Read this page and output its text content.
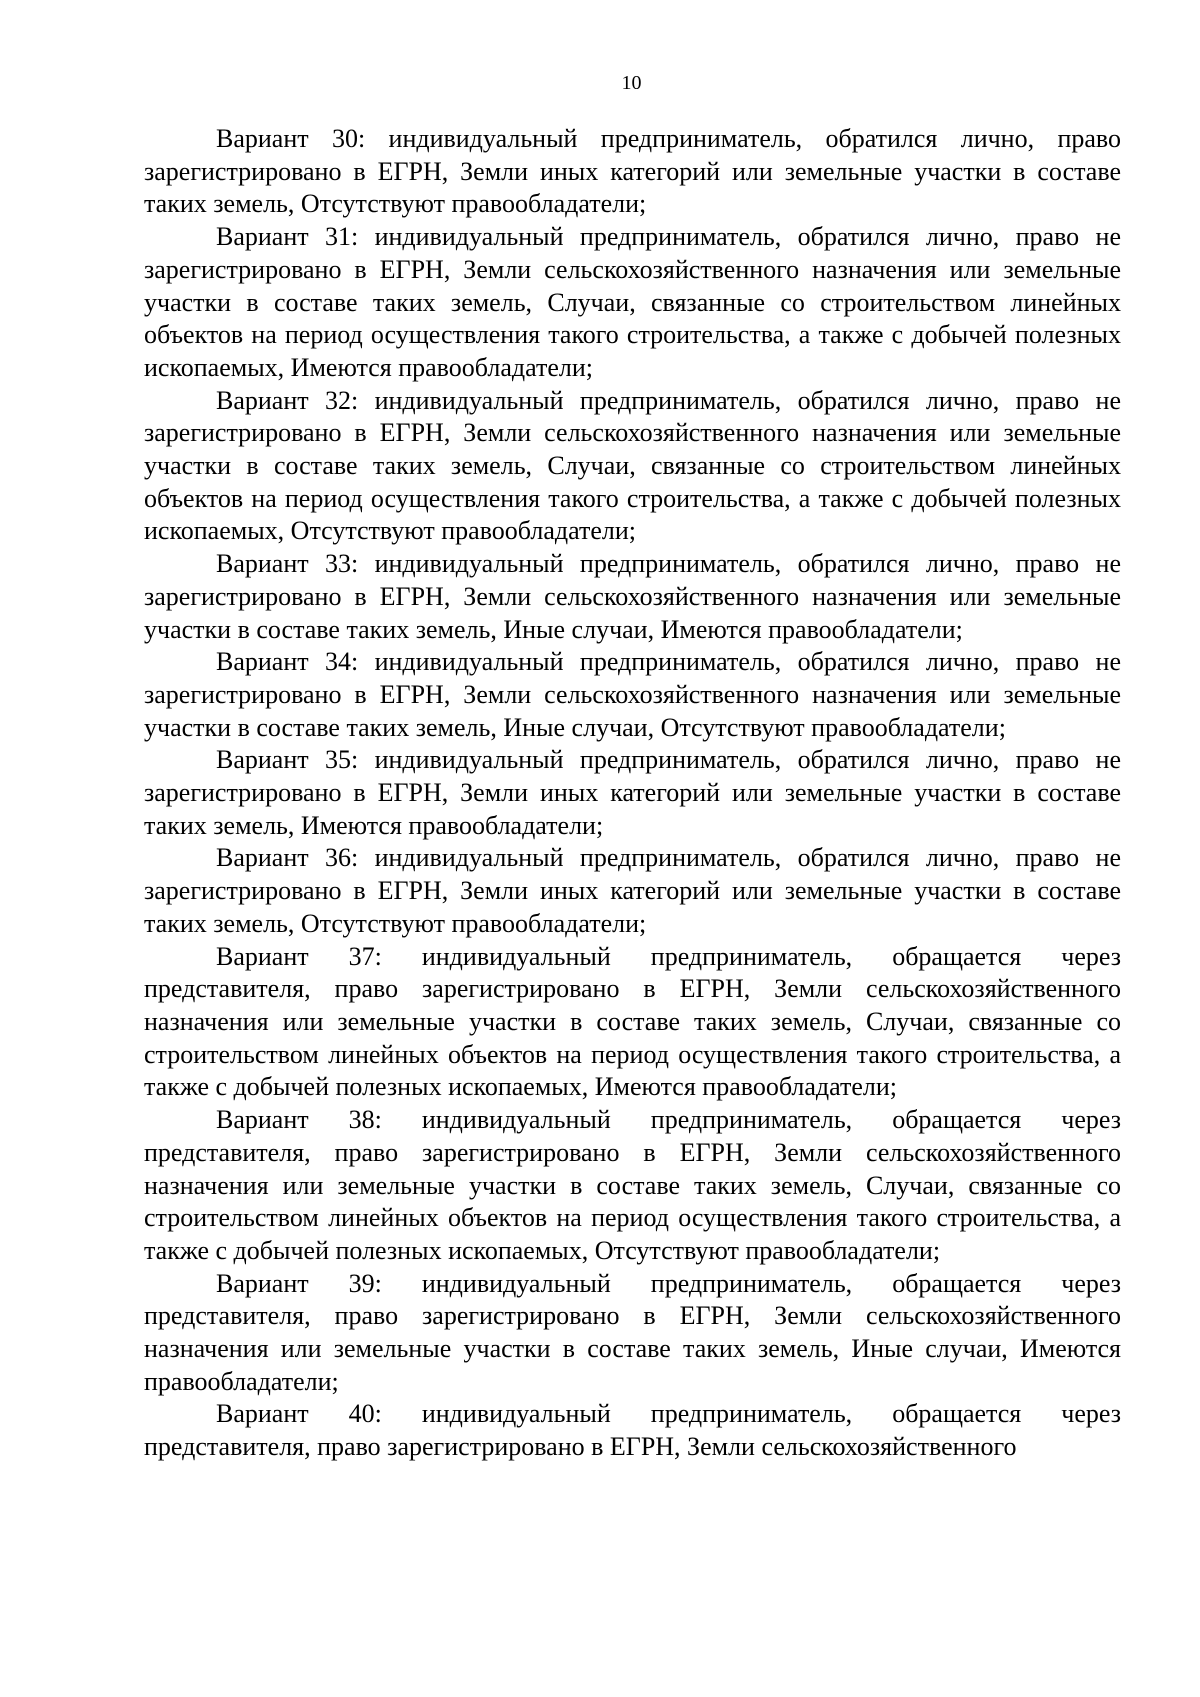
10

Вариант 30: индивидуальный предприниматель, обратился лично, право зарегистрировано в ЕГРН, Земли иных категорий или земельные участки в составе таких земель, Отсутствуют правообладатели;

Вариант 31: индивидуальный предприниматель, обратился лично, право не зарегистрировано в ЕГРН, Земли сельскохозяйственного назначения или земельные участки в составе таких земель, Случаи, связанные со строительством линейных объектов на период осуществления такого строительства, а также с добычей полезных ископаемых, Имеются правообладатели;

Вариант 32: индивидуальный предприниматель, обратился лично, право не зарегистрировано в ЕГРН, Земли сельскохозяйственного назначения или земельные участки в составе таких земель, Случаи, связанные со строительством линейных объектов на период осуществления такого строительства, а также с добычей полезных ископаемых, Отсутствуют правообладатели;

Вариант 33: индивидуальный предприниматель, обратился лично, право не зарегистрировано в ЕГРН, Земли сельскохозяйственного назначения или земельные участки в составе таких земель, Иные случаи, Имеются правообладатели;

Вариант 34: индивидуальный предприниматель, обратился лично, право не зарегистрировано в ЕГРН, Земли сельскохозяйственного назначения или земельные участки в составе таких земель, Иные случаи, Отсутствуют правообладатели;

Вариант 35: индивидуальный предприниматель, обратился лично, право не зарегистрировано в ЕГРН, Земли иных категорий или земельные участки в составе таких земель, Имеются правообладатели;

Вариант 36: индивидуальный предприниматель, обратился лично, право не зарегистрировано в ЕГРН, Земли иных категорий или земельные участки в составе таких земель, Отсутствуют правообладатели;

Вариант 37: индивидуальный предприниматель, обращается через представителя, право зарегистрировано в ЕГРН, Земли сельскохозяйственного назначения или земельные участки в составе таких земель, Случаи, связанные со строительством линейных объектов на период осуществления такого строительства, а также с добычей полезных ископаемых, Имеются правообладатели;

Вариант 38: индивидуальный предприниматель, обращается через представителя, право зарегистрировано в ЕГРН, Земли сельскохозяйственного назначения или земельные участки в составе таких земель, Случаи, связанные со строительством линейных объектов на период осуществления такого строительства, а также с добычей полезных ископаемых, Отсутствуют правообладатели;

Вариант 39: индивидуальный предприниматель, обращается через представителя, право зарегистрировано в ЕГРН, Земли сельскохозяйственного назначения или земельные участки в составе таких земель, Иные случаи, Имеются правообладатели;

Вариант 40: индивидуальный предприниматель, обращается через представителя, право зарегистрировано в ЕГРН, Земли сельскохозяйственного
